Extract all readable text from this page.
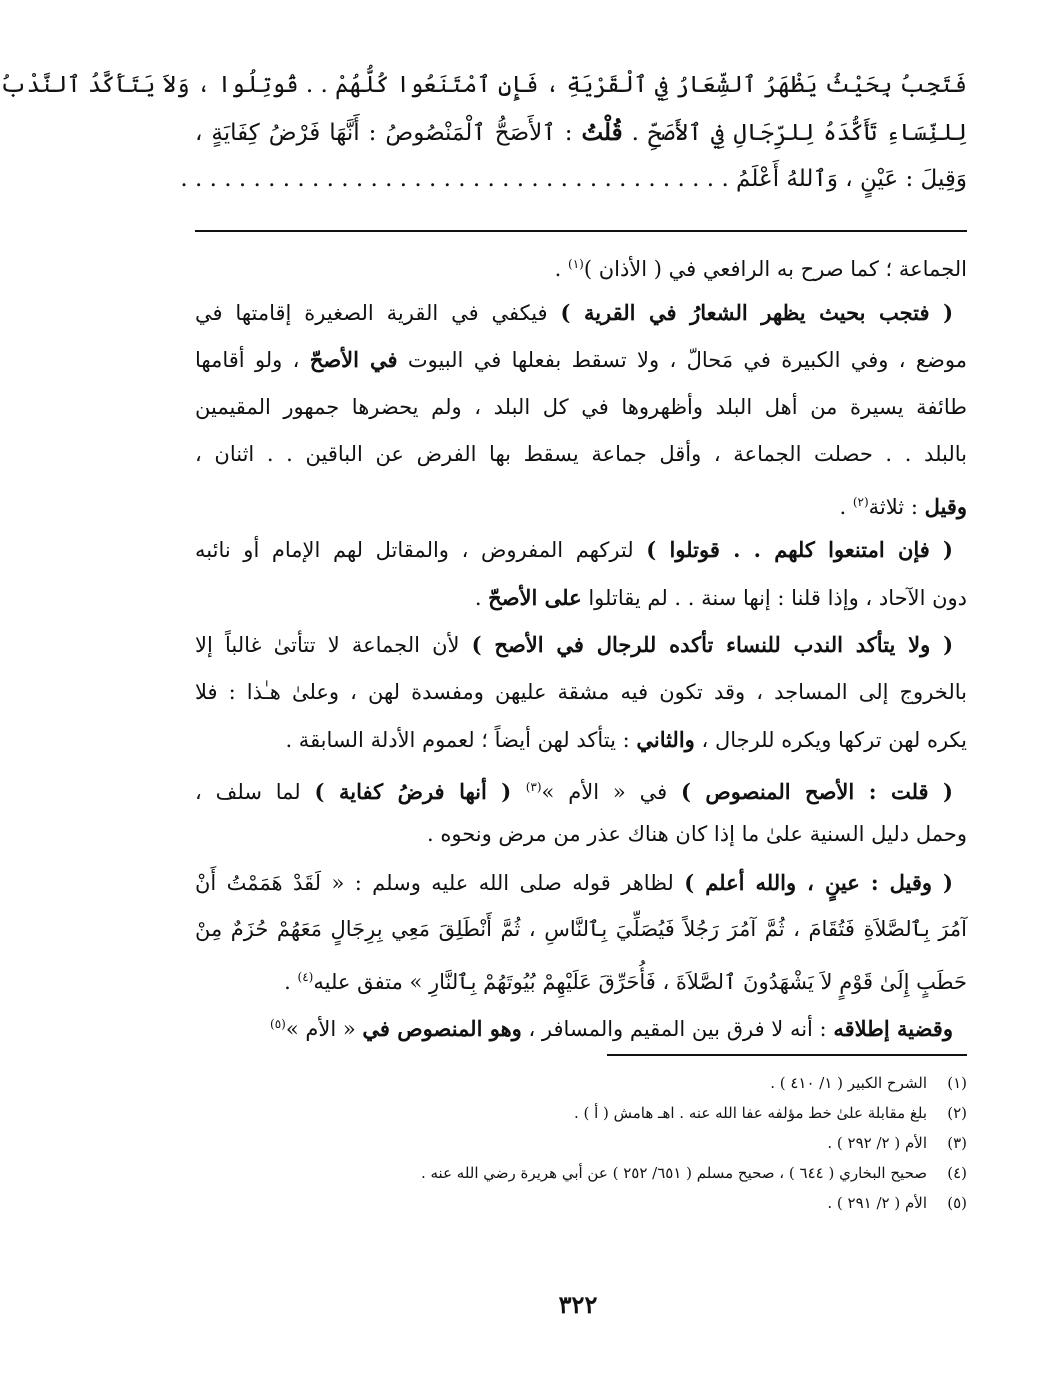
فَتَجِبُ بِحَيْثُ يَظْهَرُ ٱلشِّعَارُ فِي ٱلْقَرْيَةِ ، فَإِنِ ٱمْتَنَعُوا كُلُّهُمْ . . قُوتِلُوا ، وَلاَ يَتَأَكَّدُ ٱلنَّدْبُ
لِلنِّسَاءِ تَأَكُّدَهُ لِلرِّجَالِ فِي ٱلأَصَحِّ . قُلْتُ : ٱلأَصَحُّ ٱلْمَنْصُوصُ : أَنَّهَا فَرْضُ كِفَايَةٍ ،
وَقِيلَ : عَيْنٍ ، وَٱللهُ أَعْلَمُ . . . . . . . . . . . . . . . . . . . . . . . . . . . . . . . . . . . . . .
الجماعة ؛ كما صرح به الرافعي في ( الأذان )$^{(١)}$ .
( فتجب بحيث يظهر الشعارُ في القرية ) فيكفي في القرية الصغيرة إقامتها في
موضع ، وفي الكبيرة في مَحالّ ، ولا تسقط بفعلها في البيوت في الأصحّ ، ولو أقامها
طائفة يسيرة من أهل البلد وأظهروها في كل البلد ، ولم يحضرها جمهور المقيمين
بالبلد . . حصلت الجماعة ، وأقل جماعة يسقط بها الفرض عن الباقين . . اثنان ،
وقيل : ثلاثة$^{(٢)}$ .
( فإن امتنعوا كلهم . . قوتلوا ) لتركهم المفروض ، والمقاتل لهم الإمام أو نائبه
دون الآحاد ، وإذا قلنا : إنها سنة . . لم يقاتلوا على الأصحّ .
( ولا يتأكد الندب للنساء تأكده للرجال في الأصح ) لأن الجماعة لا تتأتىٰ غالباً إلا
بالخروج إلى المساجد ، وقد تكون فيه مشقة عليهن ومفسدة لهن ، وعلىٰ هـٰذا : فلا
يكره لهن تركها ويكره للرجال ، والثاني : يتأكد لهن أيضاً ؛ لعموم الأدلة السابقة .
( قلت : الأصح المنصوص ) في « الأم »$^{(٣)}$ ( أنها فرضُ كفاية ) لما سلف ،
وحمل دليل السنية علىٰ ما إذا كان هناك عذر من مرض ونحوه .
( وقيل : عينٍ ، والله أعلم ) لظاهر قوله صلى الله عليه وسلم : « لَقَدْ هَمَمْتُ أَنْ
آمُرَ بِٱلصَّلاَةِ فَتُقَامَ ، ثُمَّ آمُرَ رَجُلاً فَيُصَلِّيَ بِٱلنَّاسِ ، ثُمَّ أَنْطَلِقَ مَعِي بِرِجَالٍ مَعَهُمْ حُزَمٌ مِنْ
حَطَبٍ إِلَىٰ قَوْمٍ لاَ يَشْهَدُونَ ٱلصَّلاَةَ ، فَأُحَرِّقَ عَلَيْهِمْ بُيُوتَهُمْ بِٱلنَّارِ » متفق عليه$^{(٤)}$ .
وقضية إطلاقه : أنه لا فرق بين المقيم والمسافر ، وهو المنصوص في « الأم »$^{(٥)}$
(١)الشرح الكبير ( ١/ ٤١٠ ) .
(٢)بلغ مقابلة علىٰ خط مؤلفه عفا الله عنه . اهـ هامش ( أ ) .
(٣)الأم ( ٢/ ٢٩٢ ) .
(٤)صحيح البخاري ( ٦٤٤ ) ، صحيح مسلم ( ٦٥١/ ٢٥٢ ) عن أبي هريرة رضي الله عنه .
(٥)الأم ( ٢/ ٢٩١ ) .
٣٢٢
